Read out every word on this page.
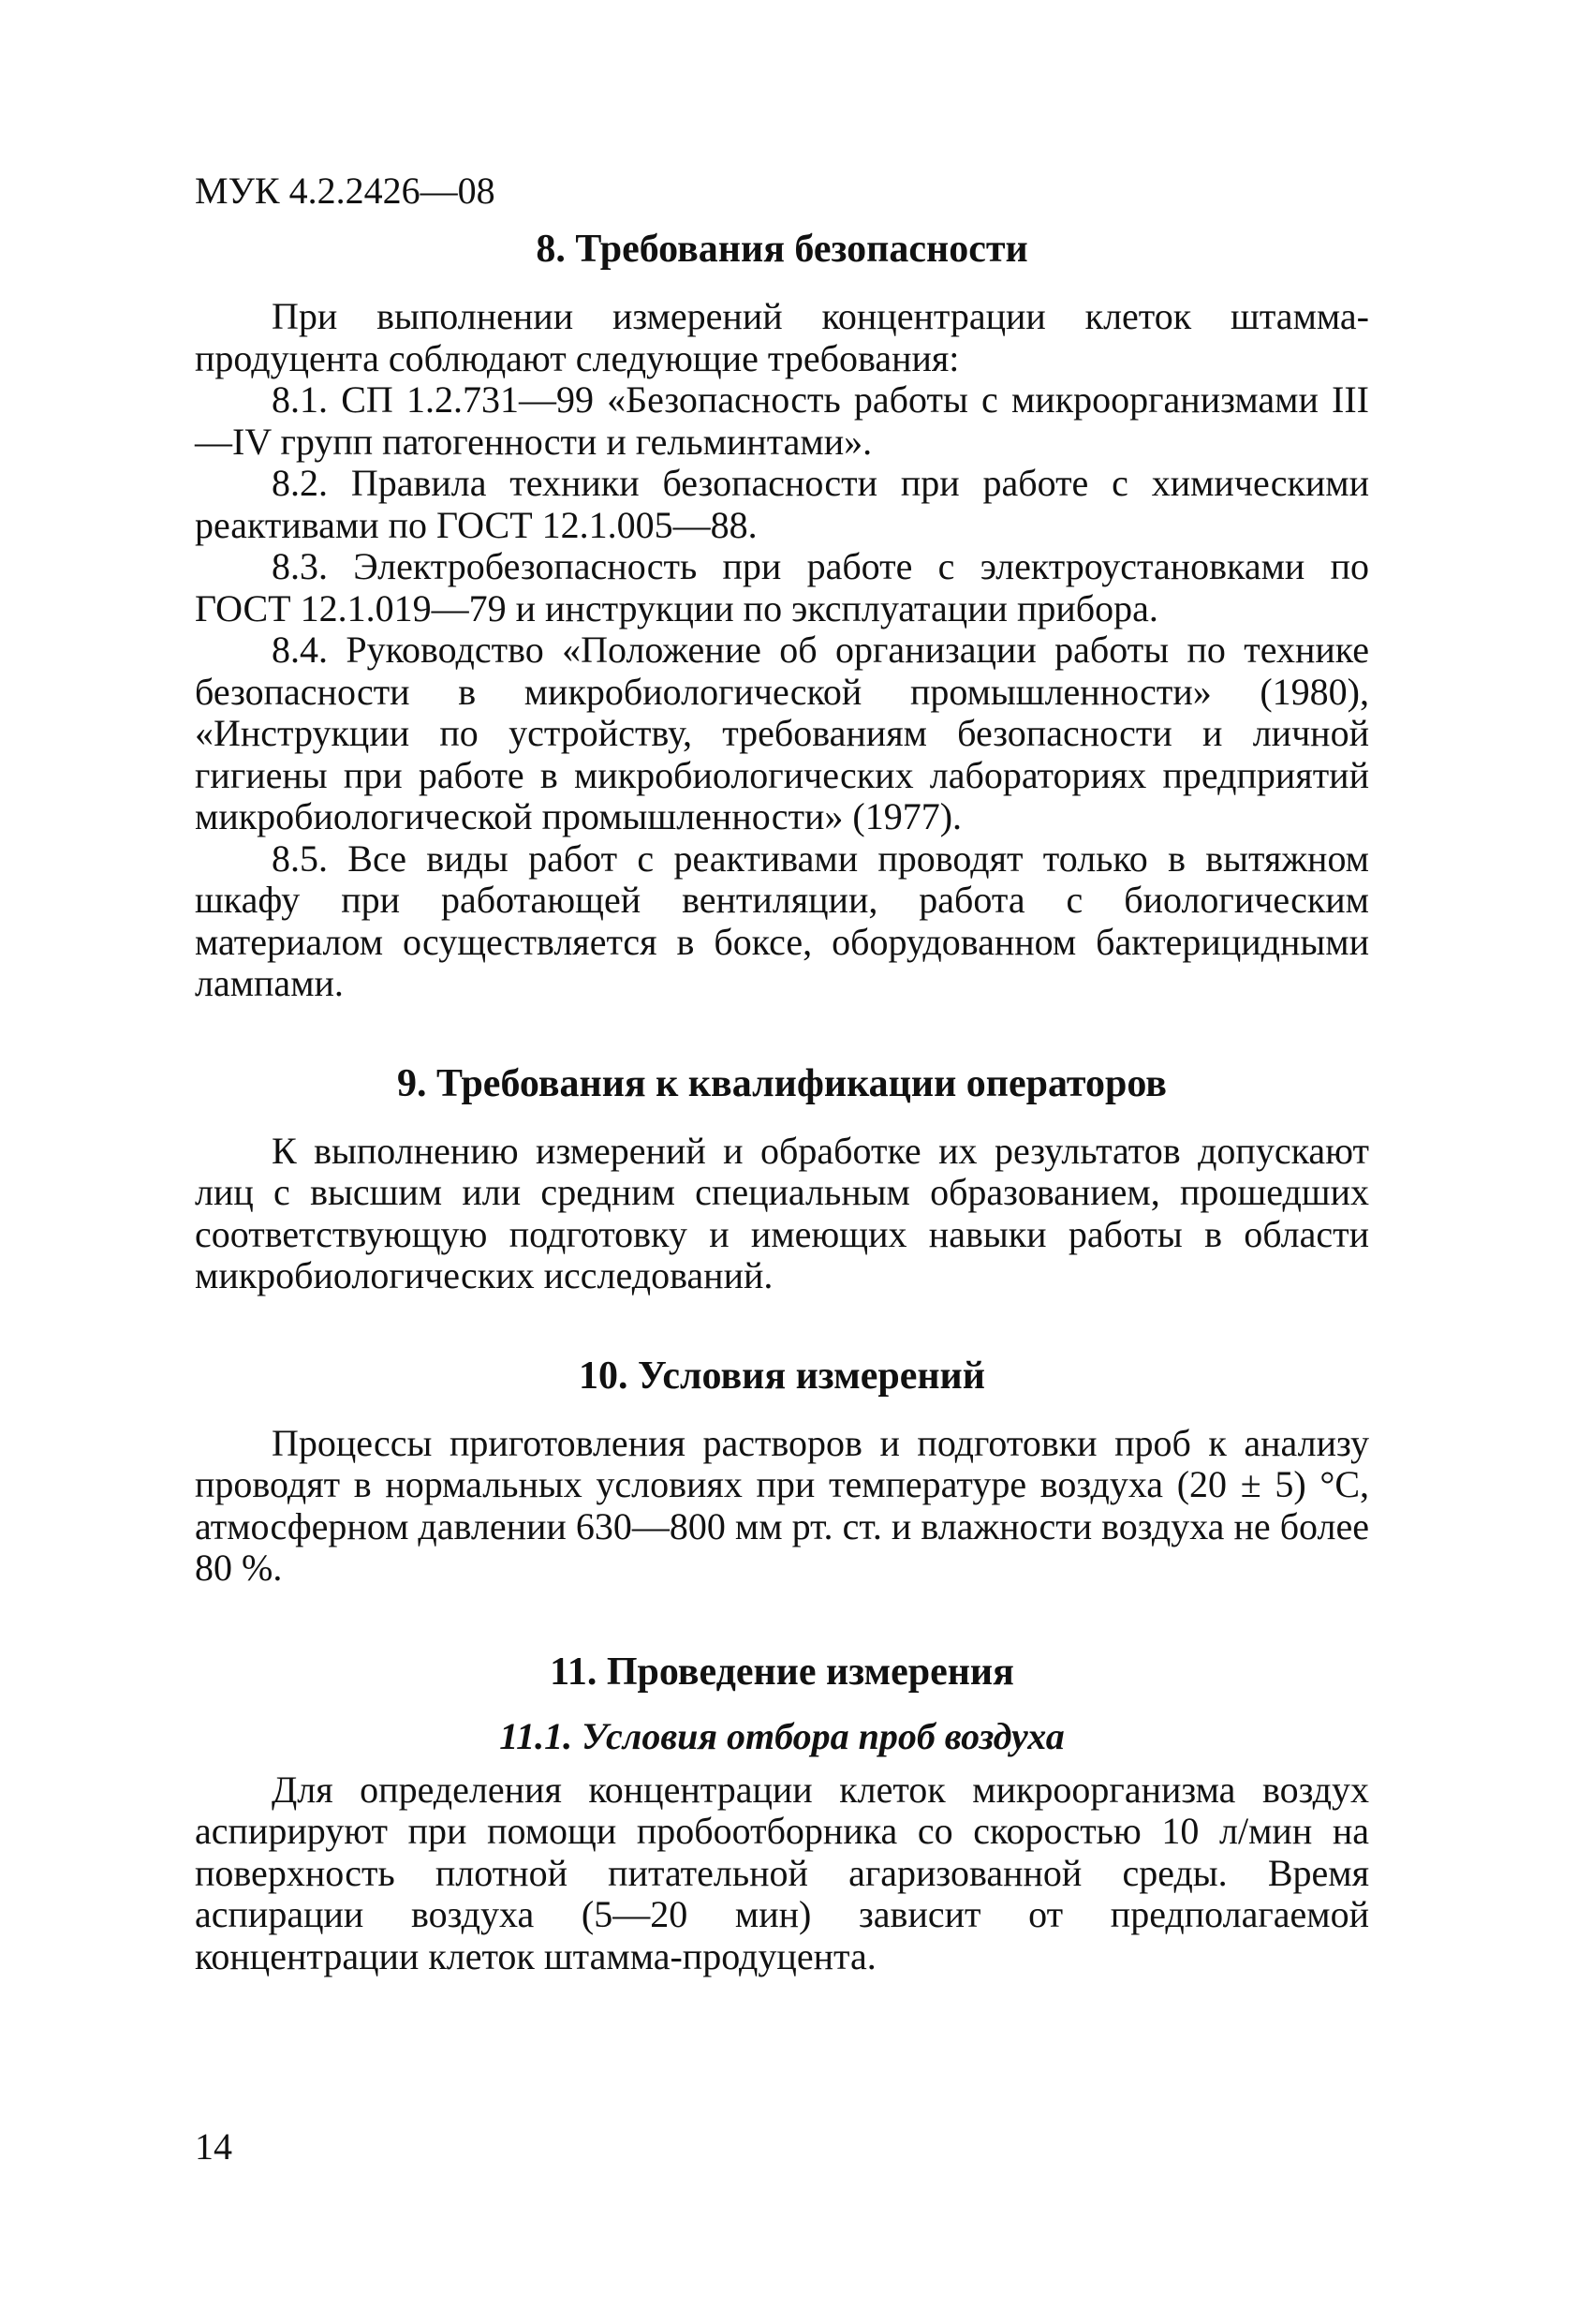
МУК 4.2.2426—08
8. Требования безопасности

При выполнении измерений концентрации клеток штамма-продуцента соблюдают следующие требования:

8.1. СП 1.2.731—99 «Безопасность работы с микроорганизмами III—IV групп патогенности и гельминтами».

8.2. Правила техники безопасности при работе с химическими реактивами по ГОСТ 12.1.005—88.

8.3. Электробезопасность при работе с электроустановками по ГОСТ 12.1.019—79 и инструкции по эксплуатации прибора.

8.4. Руководство «Положение об организации работы по технике безопасности в микробиологической промышленности» (1980), «Инструкции по устройству, требованиям безопасности и личной гигиены при работе в микробиологических лабораториях предприятий микробиологической промышленности» (1977).

8.5. Все виды работ с реактивами проводят только в вытяжном шкафу при работающей вентиляции, работа с биологическим материалом осуществляется в боксе, оборудованном бактерицидными лампами.

9. Требования к квалификации операторов

К выполнению измерений и обработке их результатов допускают лиц с высшим или средним специальным образованием, прошедших соответствующую подготовку и имеющих навыки работы в области микробиологических исследований.

10. Условия измерений

Процессы приготовления растворов и подготовки проб к анализу проводят в нормальных условиях при температуре воздуха (20 ± 5) °С, атмосферном давлении 630—800 мм рт. ст. и влажности воздуха не более 80 %.

11. Проведение измерения
11.1. Условия отбора проб воздуха

Для определения концентрации клеток микроорганизма воздух аспирируют при помощи пробоотборника со скоростью 10 л/мин на поверхность плотной питательной агаризованной среды. Время аспирации воздуха (5—20 мин) зависит от предполагаемой концентрации клеток штамма-продуцента.

14
